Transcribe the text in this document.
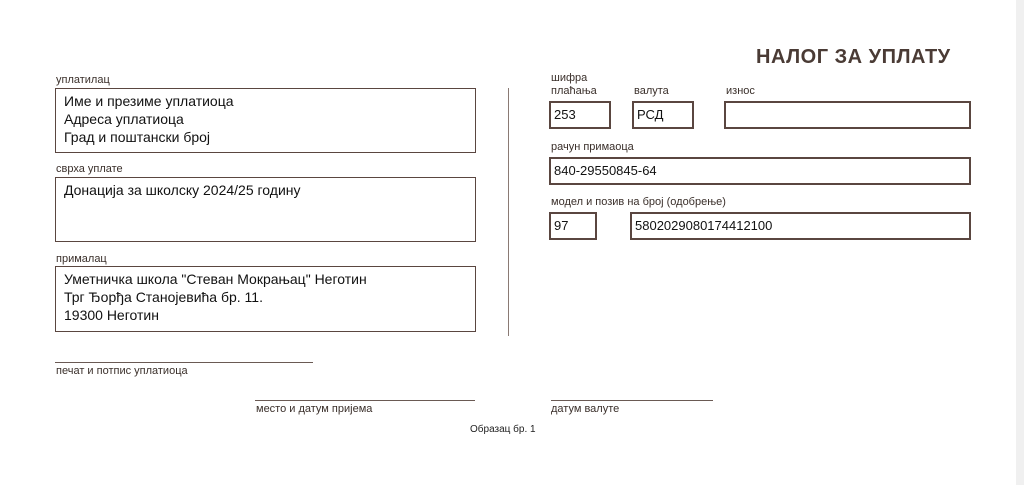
НАЛОГ ЗА УПЛАТУ
уплатилац
Име и презиме уплатиоца
Адреса уплатиоца
Град и поштански број
сврха уплате
Донација за школску 2024/25 годину
прималац
Уметничка школа "Стеван Мокрањац" Неготин
Трг Ђорђа Станојевића бр. 11.
19300 Неготин
шифра
плаћања
253
валута
РСД
износ
рачун примаоца
840-29550845-64
модел и позив на број (одобрење)
97	5802029080174412100
печат и потпис уплатиоца
место и датум пријема	датум валуте
Образац бр. 1
